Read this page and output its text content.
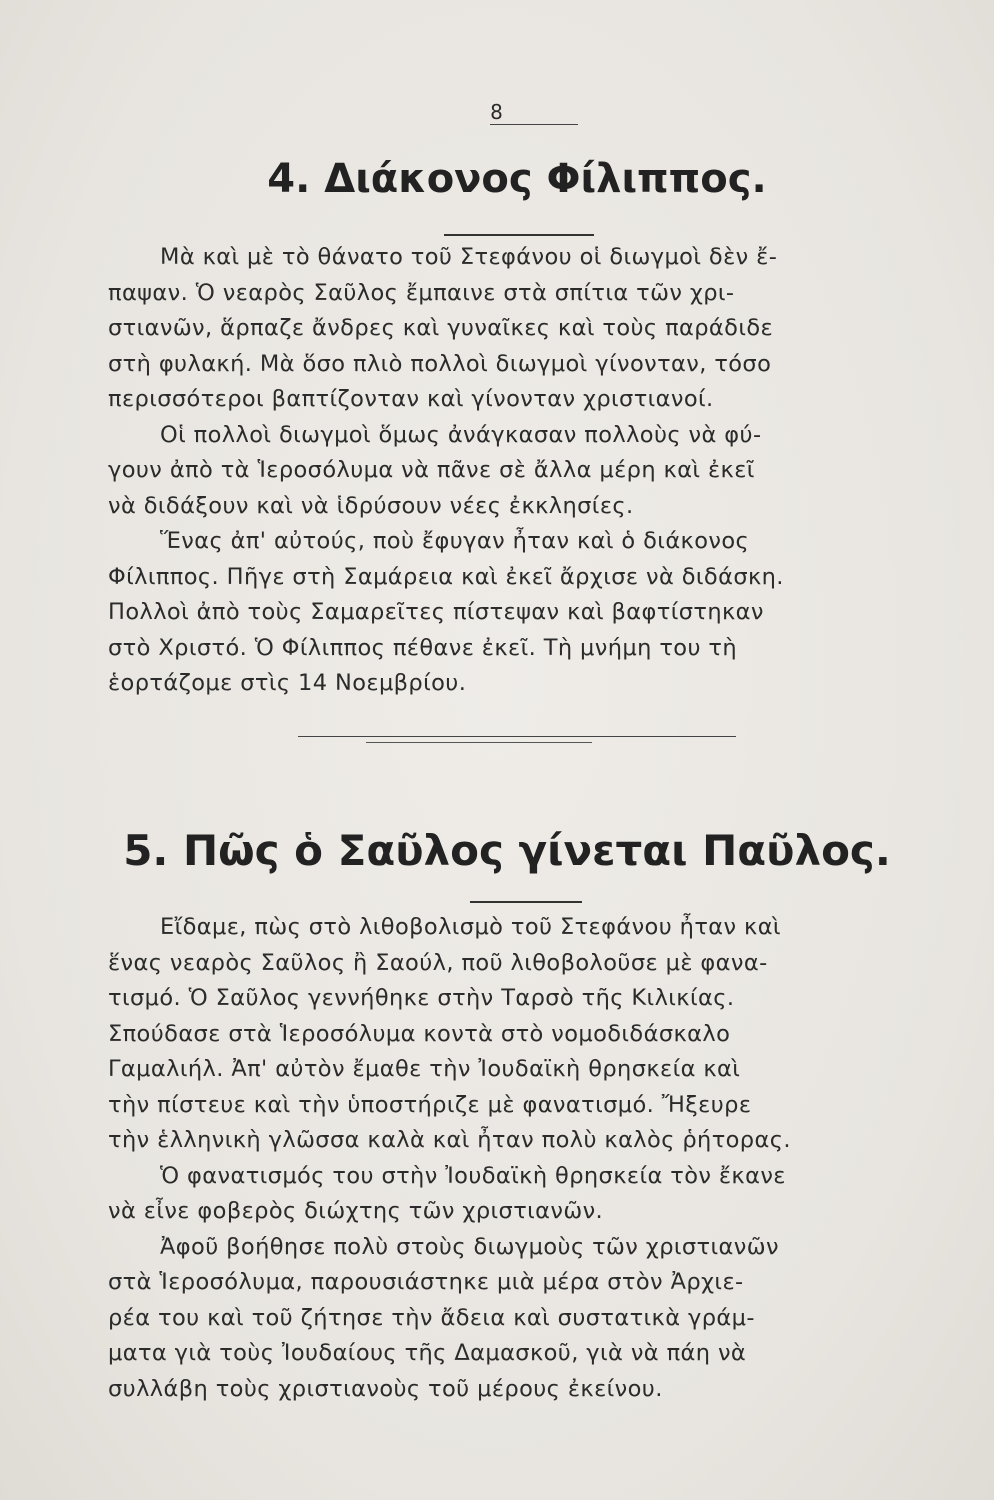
8
4. Διάκονος Φίλιππος.
Μὰ καὶ μὲ τὸ θάνατο τοῦ Στεφάνου οἱ διωγμοὶ δὲν ἔ-
παψαν. Ὁ νεαρὸς Σαῦλος ἔμπαινε στὰ σπίτια τῶν χρι-
στιανῶν, ἅρπαζε ἄνδρες καὶ γυναῖκες καὶ τοὺς παράδιδε
στὴ φυλακή. Μὰ ὅσο πλιὸ πολλοὶ διωγμοὶ γίνονταν, τόσο
περισσότεροι βαπτίζονταν καὶ γίνονταν χριστιανοί.
Οἱ πολλοὶ διωγμοὶ ὅμως ἀνάγκασαν πολλοὺς νὰ φύ-
γουν ἀπὸ τὰ Ἱεροσόλυμα νὰ πᾶνε σὲ ἄλλα μέρη καὶ ἐκεῖ
νὰ διδάξουν καὶ νὰ ἱδρύσουν νέες ἐκκλησίες.
Ἕνας ἀπ' αὐτούς, ποὺ ἔφυγαν ἦταν καὶ ὁ διάκονος
Φίλιππος. Πῆγε στὴ Σαμάρεια καὶ ἐκεῖ ἄρχισε νὰ διδάσκη.
Πολλοὶ ἀπὸ τοὺς Σαμαρεῖτες πίστεψαν καὶ βαφτίστηκαν
στὸ Χριστό. Ὁ Φίλιππος πέθανε ἐκεῖ. Τὴ μνήμη του τὴ
ἑορτάζομε στὶς 14 Νοεμβρίου.
5. Πῶς ὁ Σαῦλος γίνεται Παῦλος.
Εἴδαμε, πὼς στὸ λιθοβολισμὸ τοῦ Στεφάνου ἦταν καὶ
ἕνας νεαρὸς Σαῦλος ἢ Σαούλ, ποῦ λιθοβολοῦσε μὲ φανα-
τισμό. Ὁ Σαῦλος γεννήθηκε στὴν Ταρσὸ τῆς Κιλικίας.
Σπούδασε στὰ Ἱεροσόλυμα κοντὰ στὸ νομοδιδάσκαλο
Γαμαλιήλ. Ἀπ' αὐτὸν ἔμαθε τὴν Ἰουδαϊκὴ θρησκεία καὶ
τὴν πίστευε καὶ τὴν ὑποστήριζε μὲ φανατισμό. Ἤξευρε
τὴν ἑλληνικὴ γλῶσσα καλὰ καὶ ἦταν πολὺ καλὸς ῥήτορας.
Ὁ φανατισμός του στὴν Ἰουδαϊκὴ θρησκεία τὸν ἔκανε
νὰ εἶνε φοβερὸς διώχτης τῶν χριστιανῶν.
Ἀφοῦ βοήθησε πολὺ στοὺς διωγμοὺς τῶν χριστιανῶν
στὰ Ἱεροσόλυμα, παρουσιάστηκε μιὰ μέρα στὸν Ἀρχιε-
ρέα του καὶ τοῦ ζήτησε τὴν ἄδεια καὶ συστατικὰ γράμ-
ματα γιὰ τοὺς Ἰουδαίους τῆς Δαμασκοῦ, γιὰ νὰ πάη νὰ
συλλάβη τοὺς χριστιανοὺς τοῦ μέρους ἐκείνου.
